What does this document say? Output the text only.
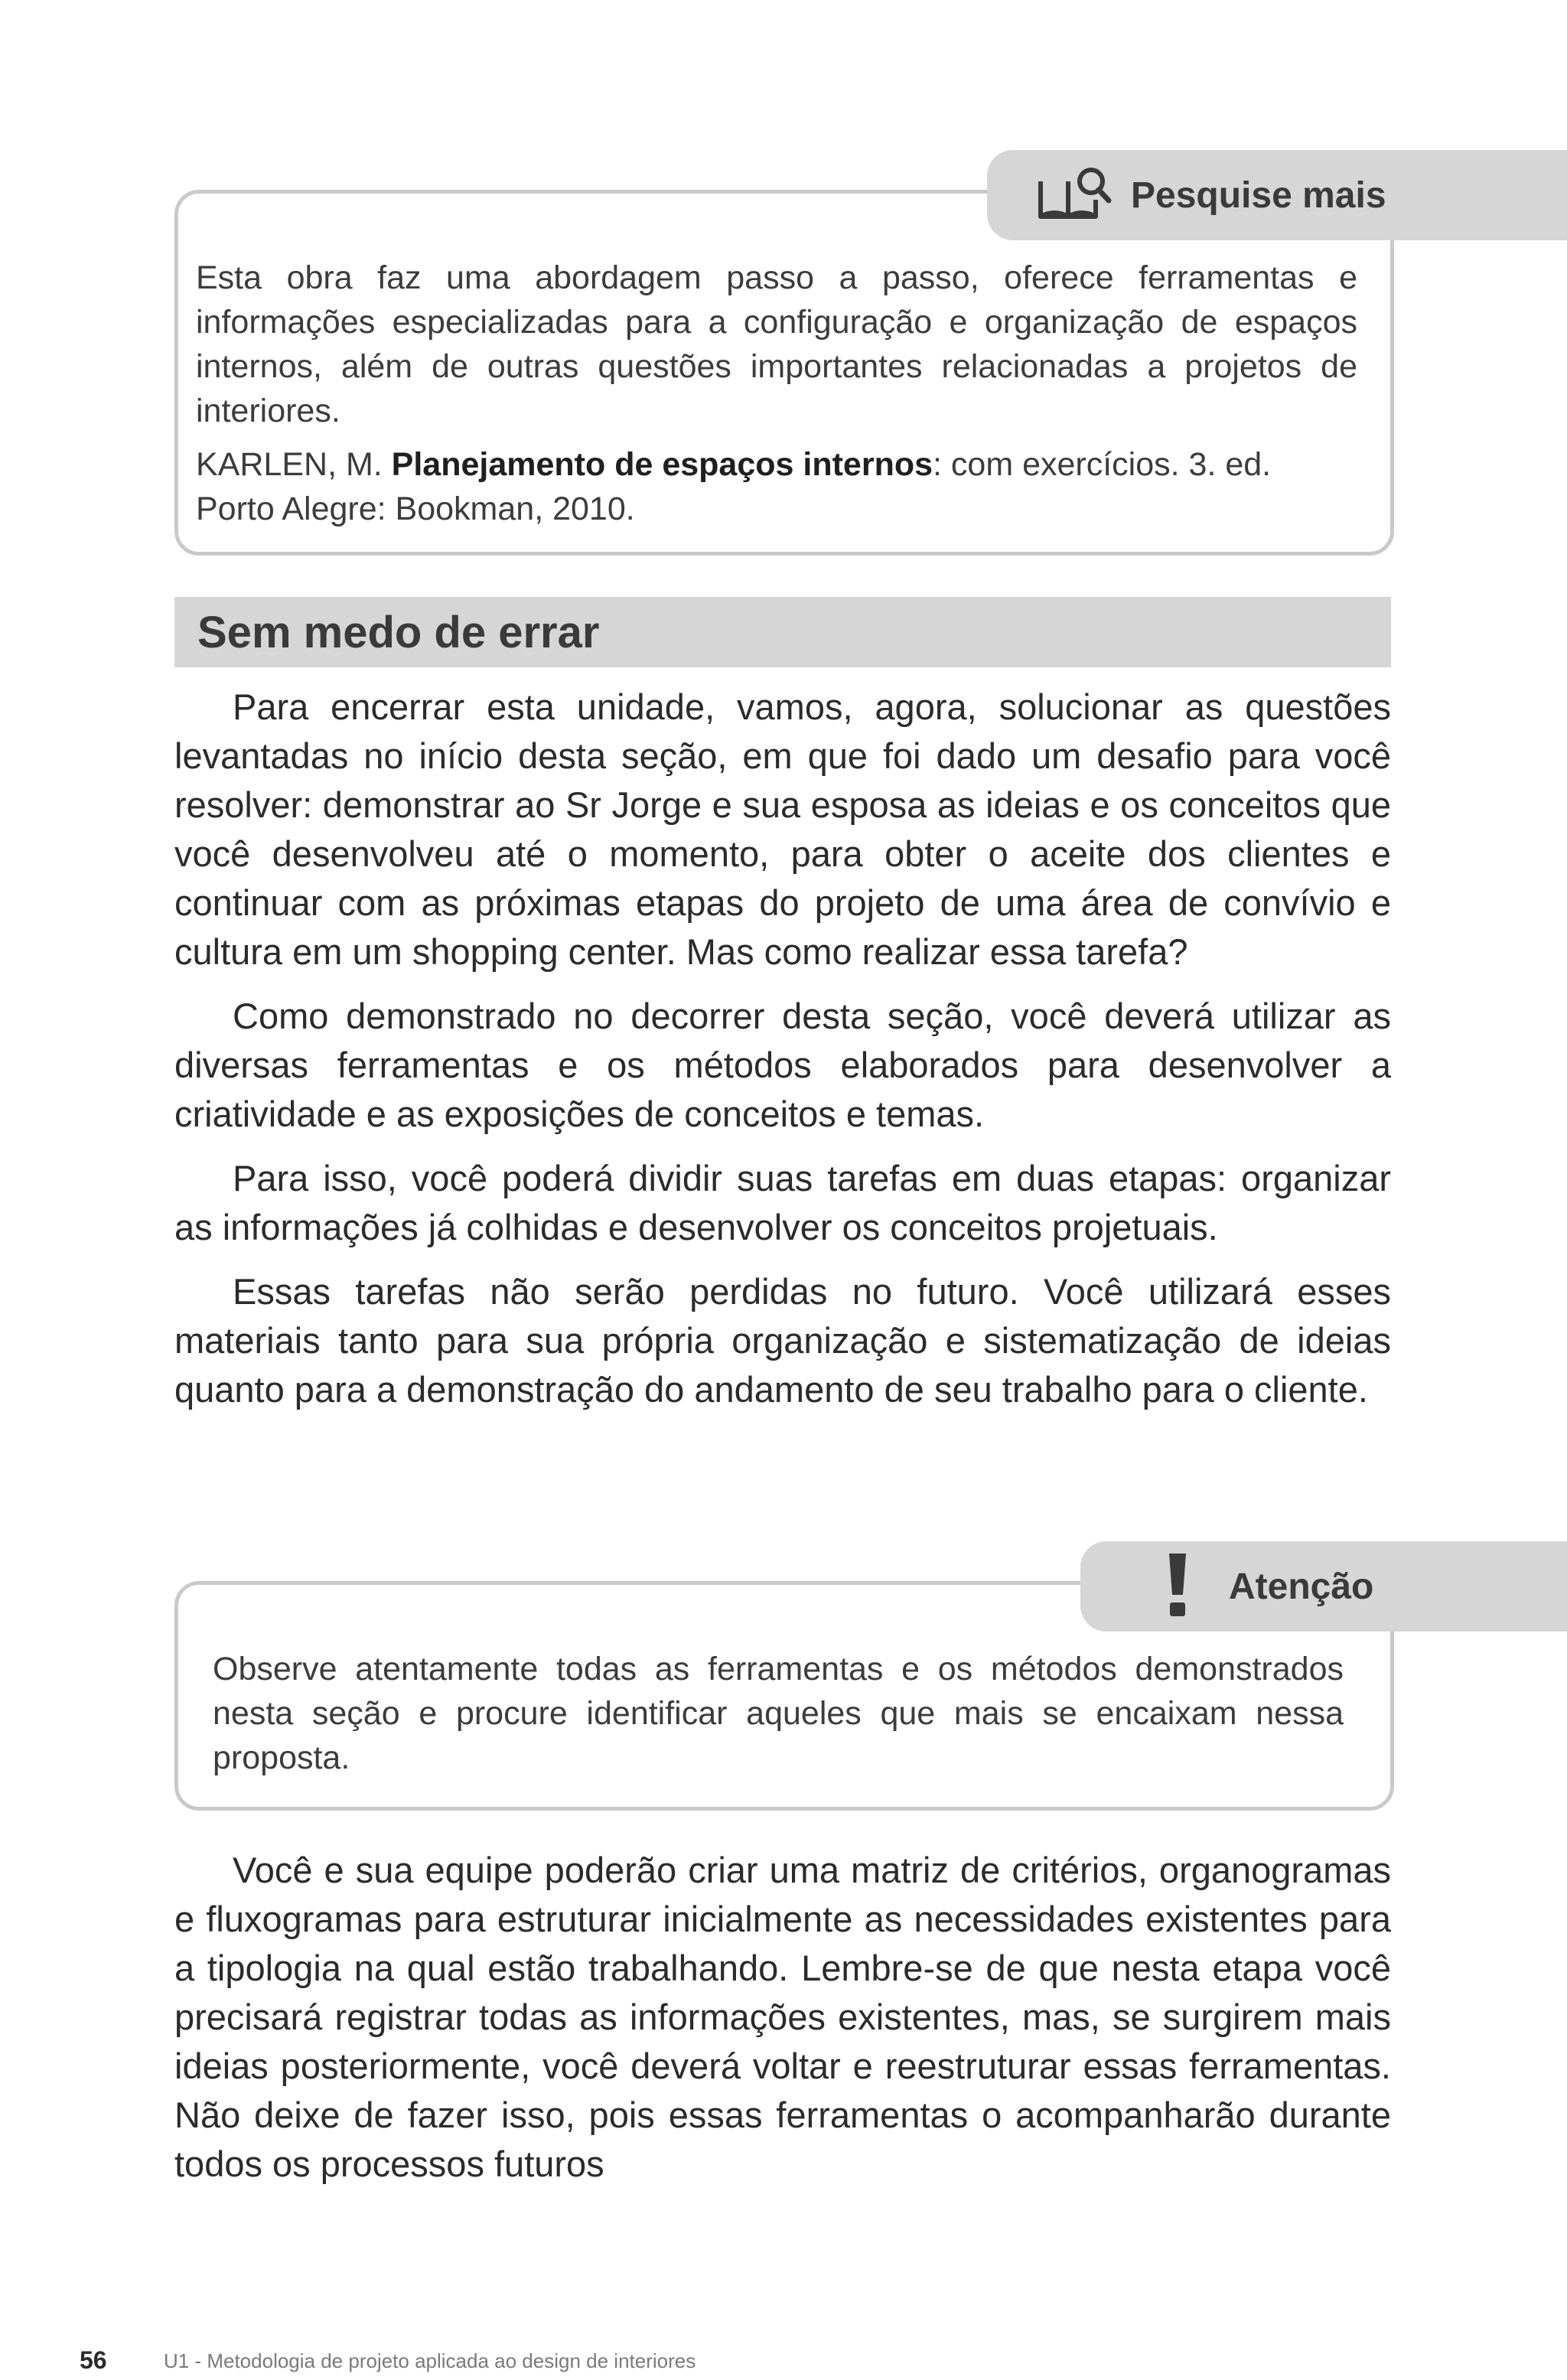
Pesquise mais

Esta obra faz uma abordagem passo a passo, oferece ferramentas e informações especializadas para a configuração e organização de espaços internos, além de outras questões importantes relacionadas a projetos de interiores.

KARLEN, M. Planejamento de espaços internos: com exercícios. 3. ed. Porto Alegre: Bookman, 2010.

Sem medo de errar

Para encerrar esta unidade, vamos, agora, solucionar as questões levantadas no início desta seção, em que foi dado um desafio para você resolver: demonstrar ao Sr Jorge e sua esposa as ideias e os conceitos que você desenvolveu até o momento, para obter o aceite dos clientes e continuar com as próximas etapas do projeto de uma área de convívio e cultura em um shopping center. Mas como realizar essa tarefa?

Como demonstrado no decorrer desta seção, você deverá utilizar as diversas ferramentas e os métodos elaborados para desenvolver a criatividade e as exposições de conceitos e temas.

Para isso, você poderá dividir suas tarefas em duas etapas: organizar as informações já colhidas e desenvolver os conceitos projetuais.

Essas tarefas não serão perdidas no futuro. Você utilizará esses materiais tanto para sua própria organização e sistematização de ideias quanto para a demonstração do andamento de seu trabalho para o cliente.

Atenção

Observe atentamente todas as ferramentas e os métodos demonstrados nesta seção e procure identificar aqueles que mais se encaixam nessa proposta.

Você e sua equipe poderão criar uma matriz de critérios, organogramas e fluxogramas para estruturar inicialmente as necessidades existentes para a tipologia na qual estão trabalhando. Lembre-se de que nesta etapa você precisará registrar todas as informações existentes, mas, se surgirem mais ideias posteriormente, você deverá voltar e reestruturar essas ferramentas. Não deixe de fazer isso, pois essas ferramentas o acompanharão durante todos os processos futuros

56	U1 - Metodologia de projeto aplicada ao design de interiores
